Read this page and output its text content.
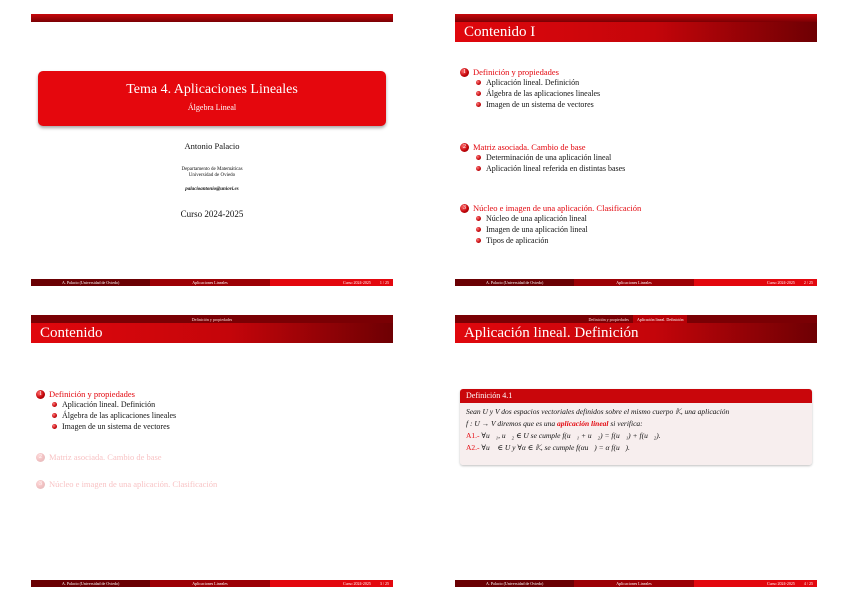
Tema 4. Aplicaciones Lineales
Álgebra Lineal
Antonio Palacio
Departamento de Matemáticas
Universidad de Oviedo
palacioantonio@uniovi.es
Curso 2024-2025
A. Palacio (Universidad de Oviedo)	Aplicaciones Lineales	Curso 2024-2025 1 / 25
Contenido I
1 Definición y propiedades
Aplicación lineal. Definición
Álgebra de las aplicaciones lineales
Imagen de un sistema de vectores
2 Matriz asociada. Cambio de base
Determinación de una aplicación lineal
Aplicación lineal referida en distintas bases
3 Núcleo e imagen de una aplicación. Clasificación
Núcleo de una aplicación lineal
Imagen de una aplicación lineal
Tipos de aplicación
A. Palacio (Universidad de Oviedo)	Aplicaciones Lineales	Curso 2024-2025 2 / 25
Definición y propiedades
Contenido
1 Definición y propiedades
Aplicación lineal. Definición
Álgebra de las aplicaciones lineales
Imagen de un sistema de vectores
2 Matriz asociada. Cambio de base
3 Núcleo e imagen de una aplicación. Clasificación
A. Palacio (Universidad de Oviedo)	Aplicaciones Lineales	Curso 2024-2025 3 / 25
Definición y propiedades	Aplicación lineal. Definición
Aplicación lineal. Definición
Definición 4.1
Sean U y V dos espacios vectoriales definidos sobre el mismo cuerpo 𝕂, una aplicación
f : U → V diremos que es una aplicación lineal si verifica:
A1.- ∀u⃗₁, u⃗₂ ∈ U se cumple f(u⃗₁ + u⃗₂) = f(u⃗₁) + f(u⃗₂).
A2.- ∀u⃗ ∈ U y ∀α ∈ 𝕂, se cumple f(αu⃗) = α f(u⃗).
A. Palacio (Universidad de Oviedo)	Aplicaciones Lineales	Curso 2024-2025 4 / 25
